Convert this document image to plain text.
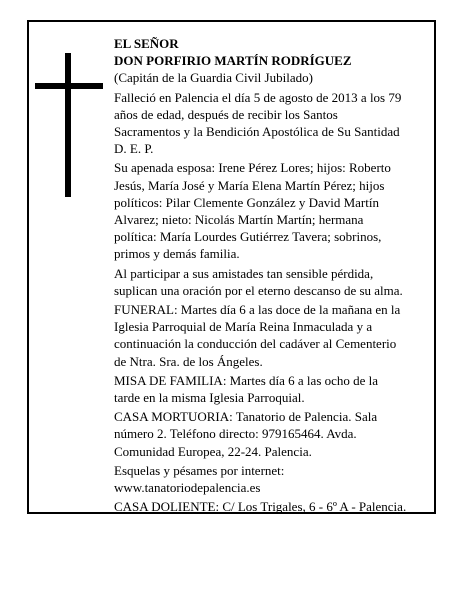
EL SEÑOR
DON PORFIRIO MARTÍN RODRÍGUEZ
(Capitán de la Guardia Civil Jubilado)
Falleció en Palencia el día 5 de agosto de 2013 a los 79
años de edad, después de recibir los Santos
Sacramentos y la Bendición Apostólica de Su Santidad
D. E. P.
Su apenada esposa: Irene Pérez Lores; hijos: Roberto
Jesús, María José y María Elena Martín Pérez; hijos
políticos: Pilar Clemente González y David Martín
Alvarez; nieto: Nicolás Martín Martín; hermana
política: María Lourdes Gutiérrez Tavera; sobrinos,
primos y demás familia.
Al participar a sus amistades tan sensible pérdida,
suplican una oración por el eterno descanso de su alma.
FUNERAL: Martes día 6 a las doce de la mañana en la
Iglesia Parroquial de María Reina Inmaculada y a
continuación la conducción del cadáver al Cementerio
de Ntra. Sra. de los Ángeles.
MISA DE FAMILIA: Martes día 6 a las ocho de la
tarde en la misma Iglesia Parroquial.
CASA MORTUORIA: Tanatorio de Palencia. Sala
número 2. Teléfono directo: 979165464. Avda.
Comunidad Europea, 22-24. Palencia.
Esquelas y pésames por internet:
www.tanatoriodepalencia.es
CASA DOLIENTE: C/ Los Trigales, 6 - 6º A - Palencia.
